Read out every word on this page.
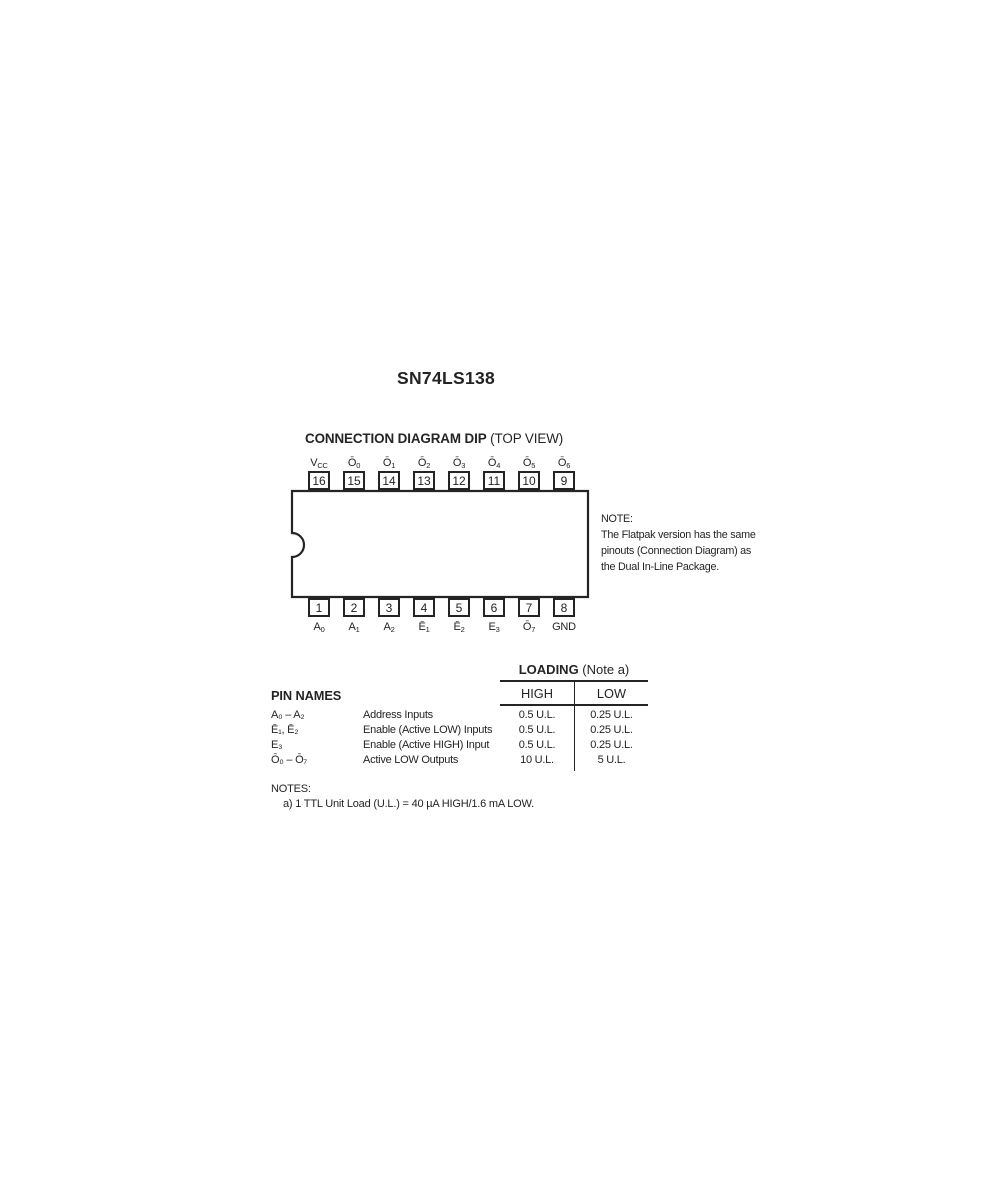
SN74LS138
CONNECTION DIAGRAM DIP (TOP VIEW)
$V_{CC}$
16
$Ō_0$
15
$Ō_1$
14
$Ō_2$
13
$Ō_3$
12
$Ō_4$
11
$Ō_5$
10
$Ō_6$
9
1
$A_0$
2
$A_1$
3
$A_2$
4
$Ē_1$
5
$Ē_2$
6
$E_3$
7
$Ō_7$
8
GND
NOTE:
The Flatpak version has the same
pinouts (Connection Diagram) as
the Dual In-Line Package.
LOADING (Note a)
HIGH	LOW
PIN NAMES
A₀ – A₂	Address Inputs	0.5 U.L.	0.25 U.L.
Ē₁, Ē₂	Enable (Active LOW) Inputs	0.5 U.L.	0.25 U.L.
E₃	Enable (Active HIGH) Input	0.5 U.L.	0.25 U.L.
Ō₀ – Ō₇	Active LOW Outputs	10 U.L.	5 U.L.
NOTES:
a) 1 TTL Unit Load (U.L.) = 40 µA HIGH/1.6 mA LOW.
